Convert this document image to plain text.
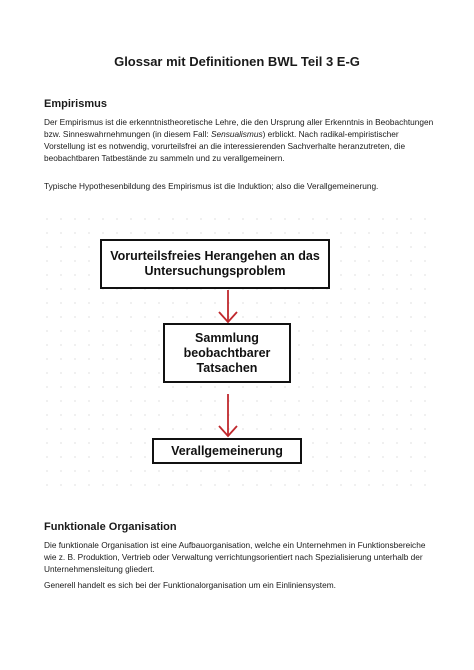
Glossar mit Definitionen BWL Teil 3 E-G
Empirismus

Der Empirismus ist die erkenntnistheoretische Lehre, die den Ursprung aller Erkenntnis in Beobachtungen bzw. Sinneswahrnehmungen (in diesem Fall: Sensualismus) erblickt. Nach radikal-empiristischer Vorstellung ist es notwendig, vorurteilsfrei an die interessierenden Sachverhalte heranzutreten, die beobachtbaren Tatbestände zu sammeln und zu verallgemeinern.

Typische Hypothesenbildung des Empirismus ist die Induktion; also die Verallgemeinerung.

Vorurteilsfreies Herangehen an das Untersuchungsproblem
Sammlung beobachtbarer Tatsachen
Verallgemeinerung
Funktionale Organisation

Die funktionale Organisation ist eine Aufbauorganisation, welche ein Unternehmen in Funktionsbereiche wie z. B. Produktion, Vertrieb oder Verwaltung verrichtungsorientiert nach Spezialisierung unterhalb der Unternehmensleitung gliedert.

Generell handelt es sich bei der Funktionalorganisation um ein Einliniensystem.
